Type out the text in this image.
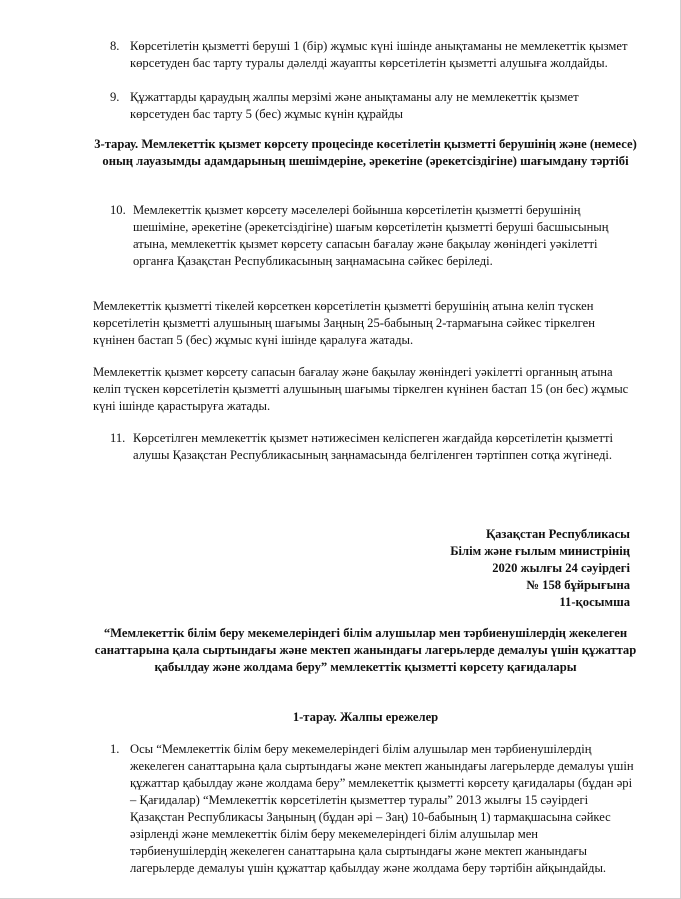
8. Көрсетілетін қызметті беруші 1 (бір) жұмыс күні ішінде анықтаманы не мемлекеттік қызмет көрсетуден бас тарту туралы дәлелді жауапты көрсетілетін қызметті алушыға жолдайды.
9. Құжаттарды қараудың жалпы мерзімі және анықтаманы алу не мемлекеттік қызмет көрсетуден бас тарту 5 (бес) жұмыс күнін құрайды
3-тарау. Мемлекеттік қызмет көрсету процесінде көсетілетін қызметті берушінің және (немесе) оның лауазымды адамдарының шешімдеріне, әрекетіне (әрекетсіздігіне) шағымдану тәртібі
10. Мемлекеттік қызмет көрсету мәселелері бойынша көрсетілетін қызметті берушінің шешіміне, әрекетіне (әрекетсіздігіне) шағым көрсетілетін қызметті беруші басшысының атына, мемлекеттік қызмет көрсету сапасын бағалау және бақылау жөніндегі уәкілетті органға Қазақстан Республикасының заңнамасына сәйкес беріледі.
Мемлекеттік қызметті тікелей көрсеткен көрсетілетін қызметті берушінің атына келіп түскен көрсетілетін қызметті алушының шағымы Заңның 25-бабының 2-тармағына сәйкес тіркелген күнінен бастап 5 (бес) жұмыс күні ішінде қаралуға жатады.
Мемлекеттік қызмет көрсету сапасын бағалау және бақылау жөніндегі уәкілетті органның атына келіп түскен көрсетілетін қызметті алушының шағымы тіркелген күнінен бастап 15 (он бес) жұмыс күні ішінде қарастыруға жатады.
11. Көрсетілген мемлекеттік қызмет нәтижесімен келіспеген жағдайда көрсетілетін қызметті алушы Қазақстан Республикасының заңнамасында белгіленген тәртіппен сотқа жүгінеді.
Қазақстан Республикасы
Білім және ғылым министрінің
2020 жылғы 24 сәуірдегі
№ 158 бұйрығына
11-қосымша
“Мемлекеттік білім беру мекемелеріндегі білім алушылар мен тәрбиенушілердің жекелеген санаттарына қала сыртындағы және мектеп жанындағы лагерьлерде демалуы үшін құжаттар қабылдау және жолдама беру” мемлекеттік қызметті көрсету қағидалары
1-тарау. Жалпы ережелер
1. Осы “Мемлекеттік білім беру мекемелеріндегі білім алушылар мен тәрбиенушілердің жекелеген санаттарына қала сыртындағы және мектеп жанындағы лагерьлерде демалуы үшін құжаттар қабылдау және жолдама беру” мемлекеттік қызметті көрсету қағидалары (бұдан әрі – Қағидалар) “Мемлекеттік көрсетілетін қызметтер туралы” 2013 жылғы 15 сәуірдегі Қазақстан Республикасы Заңының (бұдан әрі – Заң) 10-бабының 1) тармақшасына сәйкес әзірленді және мемлекеттік білім беру мекемелеріндегі білім алушылар мен тәрбиенушілердің жекелеген санаттарына қала сыртындағы және мектеп жанындағы лагерьлерде демалуы үшін құжаттар қабылдау және жолдама беру тәртібін айқындайды.
